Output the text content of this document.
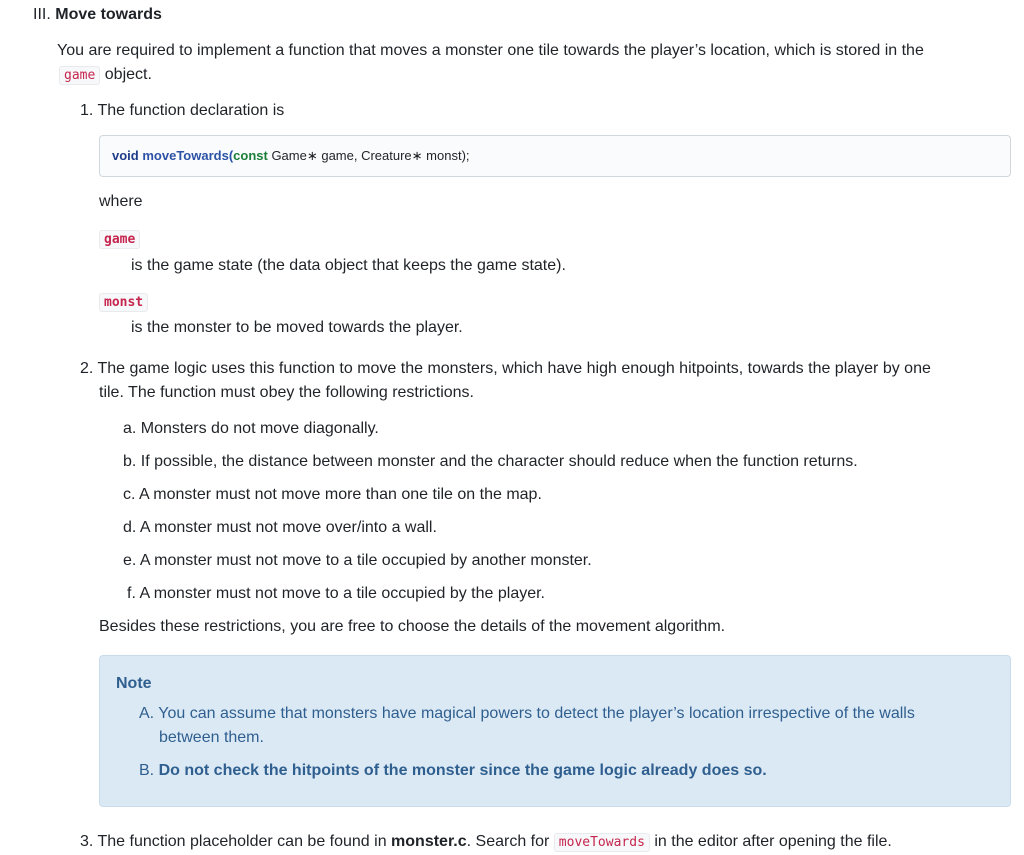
III. Move towards
You are required to implement a function that moves a monster one tile towards the player’s location, which is stored in the
game object.
1. The function declaration is
void moveTowards(const Game∗ game, Creature∗ monst);
where
game
is the game state (the data object that keeps the game state).
monst
is the monster to be moved towards the player.
2. The game logic uses this function to move the monsters, which have high enough hitpoints, towards the player by one
tile. The function must obey the following restrictions.
a. Monsters do not move diagonally.
b. If possible, the distance between monster and the character should reduce when the function returns.
c. A monster must not move more than one tile on the map.
d. A monster must not move over/into a wall.
e. A monster must not move to a tile occupied by another monster.
f. A monster must not move to a tile occupied by the player.
Besides these restrictions, you are free to choose the details of the movement algorithm.
Note
A. You can assume that monsters have magical powers to detect the player’s location irrespective of the walls
between them.
B. Do not check the hitpoints of the monster since the game logic already does so.
3. The function placeholder can be found in monster.c. Search for moveTowards in the editor after opening the file.
